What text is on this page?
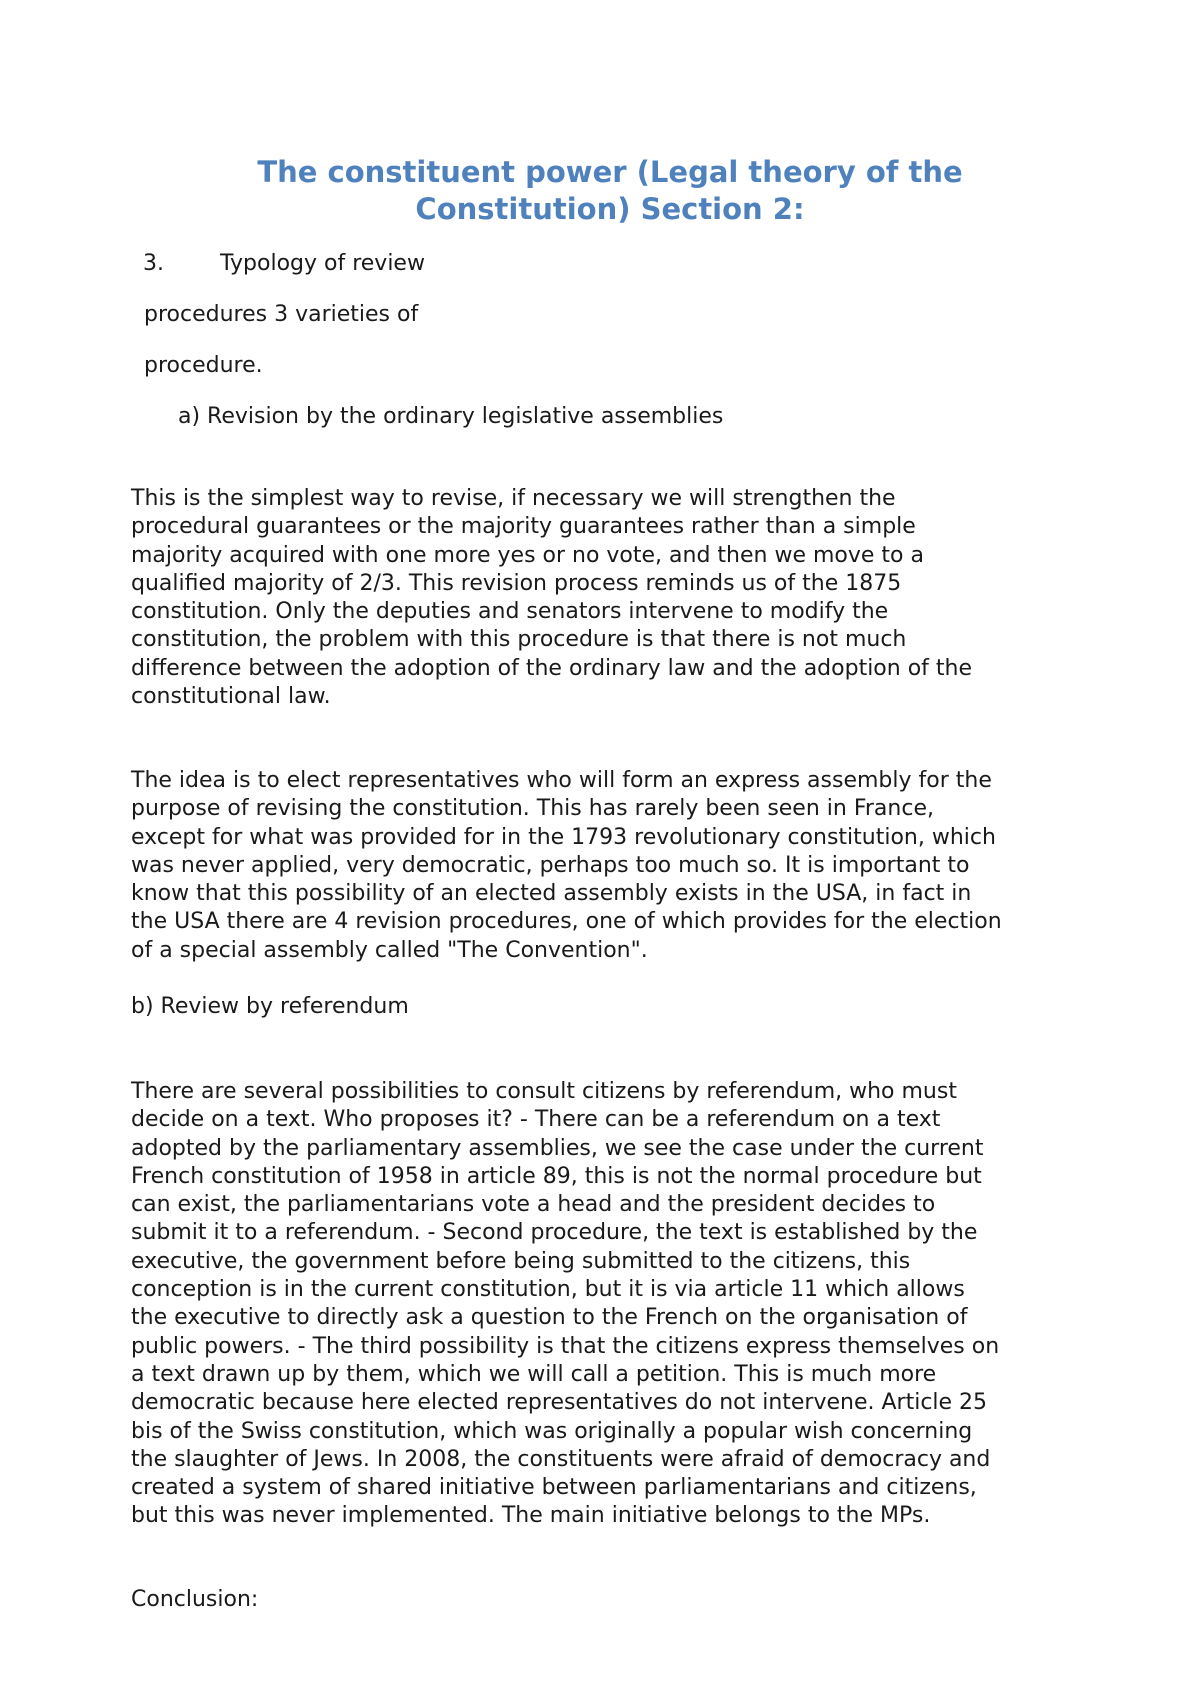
The constituent power (Legal theory of the
Constitution) Section 2:

3.	Typology of review

procedures 3 varieties of

procedure.

a) Revision by the ordinary legislative assemblies

This is the simplest way to revise, if necessary we will strengthen the
procedural guarantees or the majority guarantees rather than a simple
majority acquired with one more yes or no vote, and then we move to a
qualified majority of 2/3. This revision process reminds us of the 1875
constitution. Only the deputies and senators intervene to modify the
constitution, the problem with this procedure is that there is not much
difference between the adoption of the ordinary law and the adoption of the
constitutional law.

The idea is to elect representatives who will form an express assembly for the
purpose of revising the constitution. This has rarely been seen in France,
except for what was provided for in the 1793 revolutionary constitution, which
was never applied, very democratic, perhaps too much so. It is important to
know that this possibility of an elected assembly exists in the USA, in fact in
the USA there are 4 revision procedures, one of which provides for the election
of a special assembly called "The Convention".

b) Review by referendum

There are several possibilities to consult citizens by referendum, who must
decide on a text. Who proposes it? - There can be a referendum on a text
adopted by the parliamentary assemblies, we see the case under the current
French constitution of 1958 in article 89, this is not the normal procedure but
can exist, the parliamentarians vote a head and the president decides to
submit it to a referendum. - Second procedure, the text is established by the
executive, the government before being submitted to the citizens, this
conception is in the current constitution, but it is via article 11 which allows
the executive to directly ask a question to the French on the organisation of
public powers. - The third possibility is that the citizens express themselves on
a text drawn up by them, which we will call a petition. This is much more
democratic because here elected representatives do not intervene. Article 25
bis of the Swiss constitution, which was originally a popular wish concerning
the slaughter of Jews. In 2008, the constituents were afraid of democracy and
created a system of shared initiative between parliamentarians and citizens,
but this was never implemented. The main initiative belongs to the MPs.

Conclusion:
